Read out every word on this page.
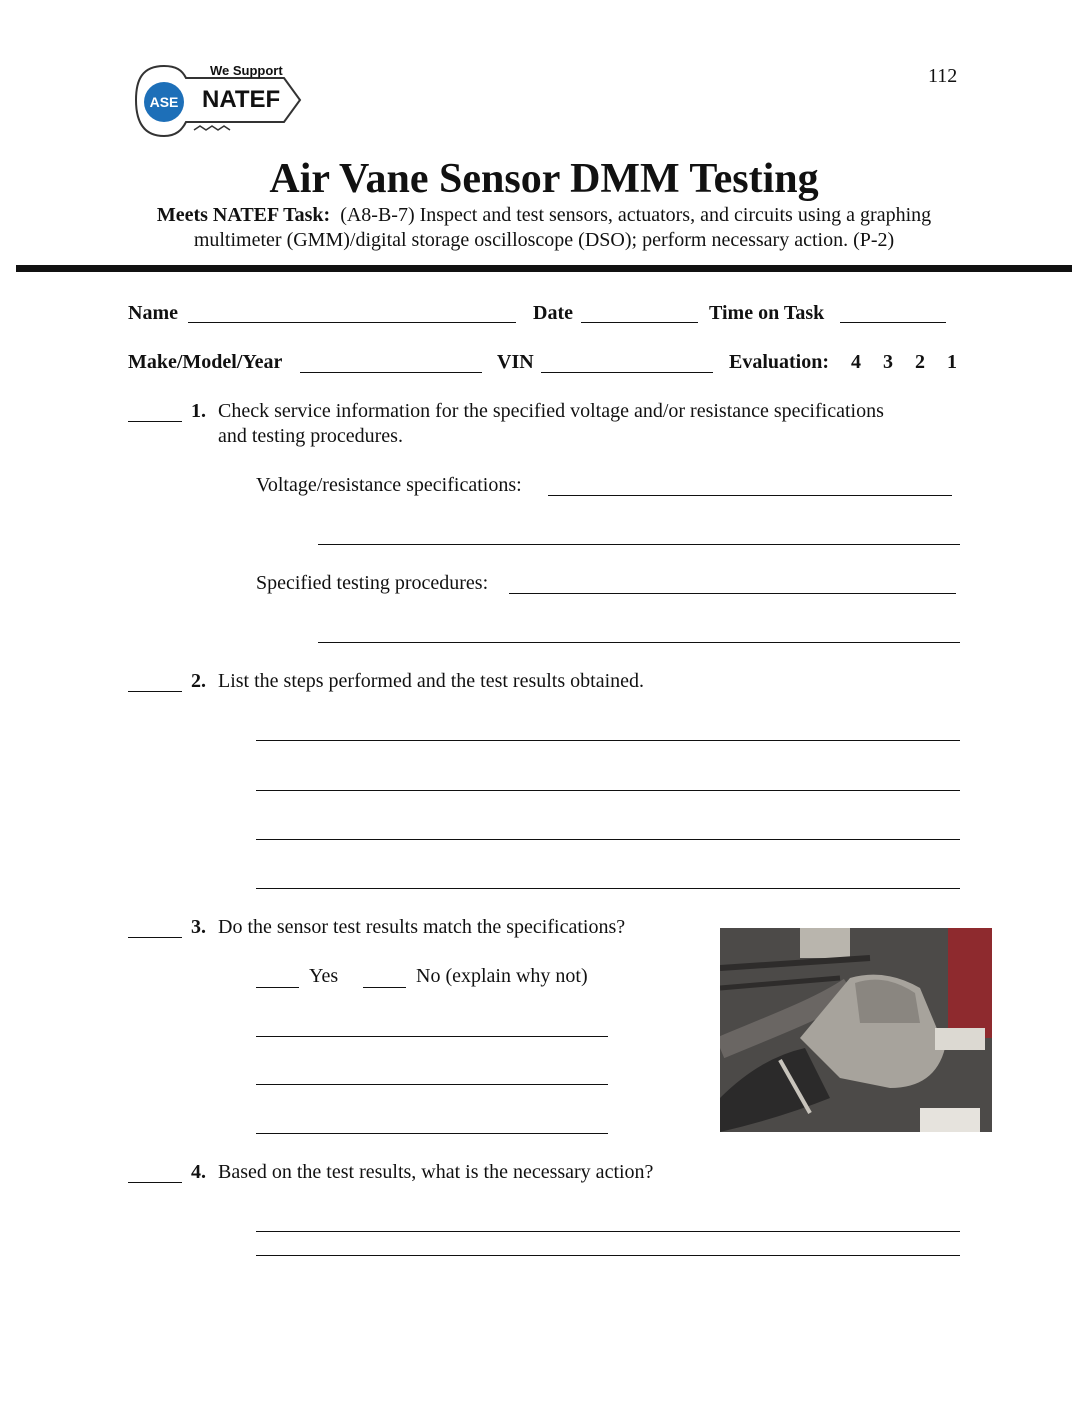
112
ASE
We Support
NATEF
Air Vane Sensor DMM Testing
Meets NATEF Task: (A8-B-7) Inspect and test sensors, actuators, and circuits using a graphing
multimeter (GMM)/digital storage oscilloscope (DSO); perform necessary action. (P-2)
Name	Date	Time on Task
Make/Model/Year	VIN	Evaluation: 4 3 2 1
1. Check service information for the specified voltage and/or resistance specifications
and testing procedures.
Voltage/resistance specifications:
Specified testing procedures:
2. List the steps performed and the test results obtained.
3. Do the sensor test results match the specifications?
Yes	No (explain why not)
4. Based on the test results, what is the necessary action?
